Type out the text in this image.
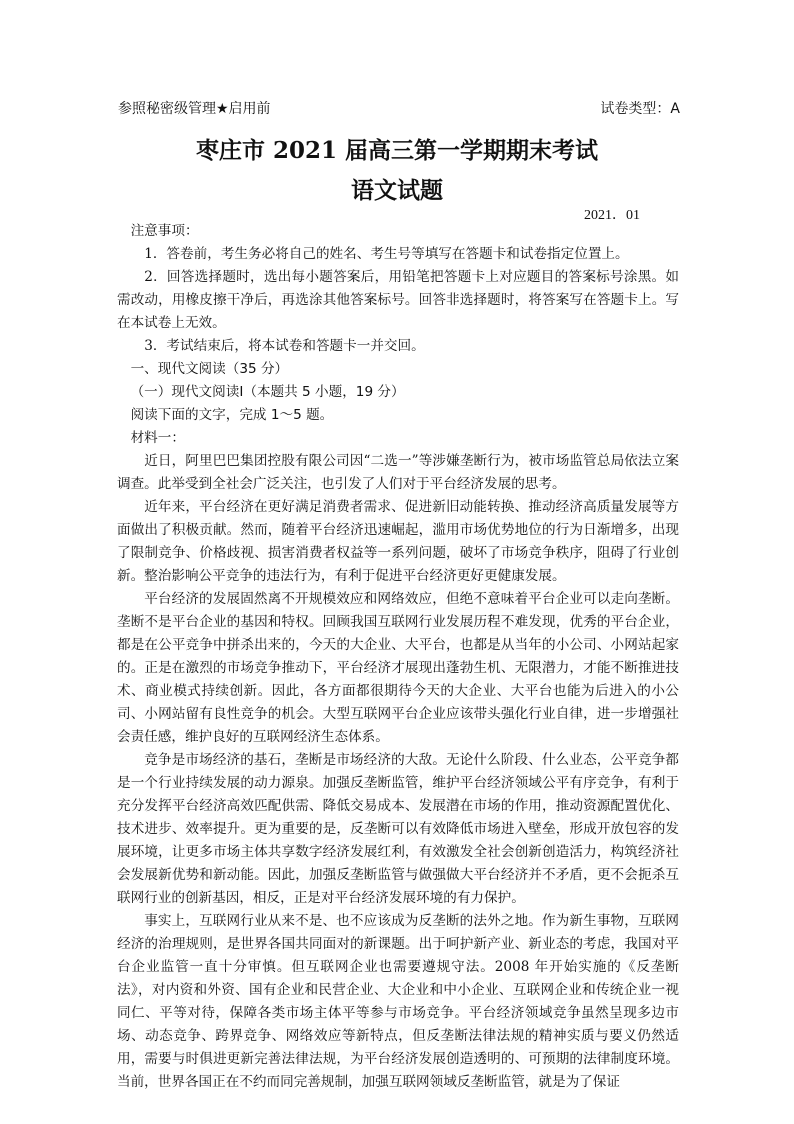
参照秘密级管理★启用前	试卷类型：A
枣庄市 2021 届高三第一学期期末考试
语文试题
2021．01

注意事项：

1．答卷前，考生务必将自己的姓名、考生号等填写在答题卡和试卷指定位置上。

2．回答选择题时，选出每小题答案后，用铅笔把答题卡上对应题目的答案标号涂黑。如需改动，用橡皮擦干净后，再选涂其他答案标号。回答非选择题时，将答案写在答题卡上。写在本试卷上无效。

3．考试结束后，将本试卷和答题卡一并交回。

一、现代文阅读（35 分）

（一）现代文阅读Ⅰ（本题共 5 小题，19 分）

阅读下面的文字，完成 1～5 题。

材料一：

近日，阿里巴巴集团控股有限公司因“二选一”等涉嫌垄断行为，被市场监管总局依法立案调查。此举受到全社会广泛关注，也引发了人们对于平台经济发展的思考。

近年来，平台经济在更好满足消费者需求、促进新旧动能转换、推动经济高质量发展等方面做出了积极贡献。然而，随着平台经济迅速崛起，滥用市场优势地位的行为日渐增多，出现了限制竞争、价格歧视、损害消费者权益等一系列问题，破坏了市场竞争秩序，阻碍了行业创新。整治影响公平竞争的违法行为，有利于促进平台经济更好更健康发展。

平台经济的发展固然离不开规模效应和网络效应，但绝不意味着平台企业可以走向垄断。垄断不是平台企业的基因和特权。回顾我国互联网行业发展历程不难发现，优秀的平台企业，都是在公平竞争中拼杀出来的，今天的大企业、大平台，也都是从当年的小公司、小网站起家的。正是在激烈的市场竞争推动下，平台经济才展现出蓬勃生机、无限潜力，才能不断推进技术、商业模式持续创新。因此，各方面都很期待今天的大企业、大平台也能为后进入的小公司、小网站留有良性竞争的机会。大型互联网平台企业应该带头强化行业自律，进一步增强社会责任感，维护良好的互联网经济生态体系。

竞争是市场经济的基石，垄断是市场经济的大敌。无论什么阶段、什么业态，公平竞争都是一个行业持续发展的动力源泉。加强反垄断监管，维护平台经济领域公平有序竞争，有利于充分发挥平台经济高效匹配供需、降低交易成本、发展潜在市场的作用，推动资源配置优化、技术进步、效率提升。更为重要的是，反垄断可以有效降低市场进入壁垒，形成开放包容的发展环境，让更多市场主体共享数字经济发展红利，有效激发全社会创新创造活力，构筑经济社会发展新优势和新动能。因此，加强反垄断监管与做强做大平台经济并不矛盾，更不会扼杀互联网行业的创新基因，相反，正是对平台经济发展环境的有力保护。

事实上，互联网行业从来不是、也不应该成为反垄断的法外之地。作为新生事物，互联网经济的治理规则，是世界各国共同面对的新课题。出于呵护新产业、新业态的考虑，我国对平台企业监管一直十分审慎。但互联网企业也需要遵规守法。2008 年开始实施的《反垄断法》，对内资和外资、国有企业和民营企业、大企业和中小企业、互联网企业和传统企业一视同仁、平等对待，保障各类市场主体平等参与市场竞争。平台经济领域竞争虽然呈现多边市场、动态竞争、跨界竞争、网络效应等新特点，但反垄断法律法规的精神实质与要义仍然适用，需要与时俱进更新完善法律法规，为平台经济发展创造透明的、可预期的法律制度环境。当前，世界各国正在不约而同完善规制，加强互联网领域反垄断监管，就是为了保证
